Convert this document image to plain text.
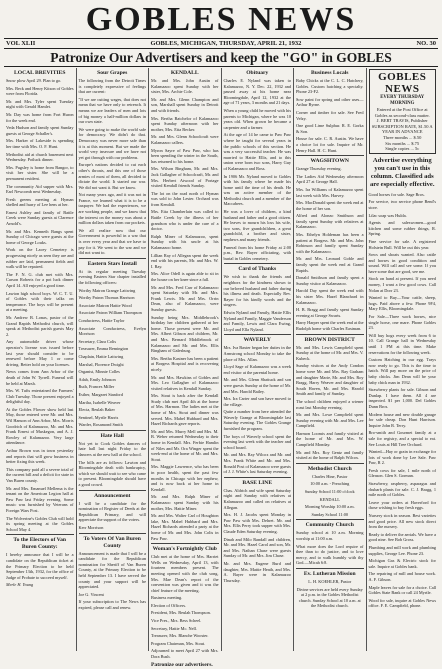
GOBLES NEWS
VOL XLII	GOBLES, MICHIGAN, THURSDAY, APRIL 21, 1932	NO. 30
Patronize Our Advertisers and keep the "GO" in GOBLES
LOCAL BREVITIES

Snow plow April 29. Plan to go.

Mrs. Beck and Henry Kitson of Gobles were from Florida.

Mr. and Mrs. Tyler spent Tuesday night with Gerald Hamlet.

Mr. Day was home from Fort Huron for the week end.

Veda Hudson and family spent Sunday guests at George Schaller's.

Mrs. Harker of Lakeside is spending her time with Mrs. O. F. Hunt.

Methodist aid at church basement next Wednesday. Potluck dinner.

Mrs. Pugsley is home from Bangor, to visit her sister. She will be a permanent resident.

The community Aid supper with Mrs. Earl Newcomb next Wednesday.

Fresh greens meeting at Hyman shelled and hurry of Lee hens at her.

Ernest Ashley and family of Battle Creek were Sunday guests at Clarence Arnold's.

Mr. and Mrs. Kenneth Bangs spent Sunday of Chicago were guests at the home of George Louks.

Work on the Lacey Cemetery is progressing nicely as seen they are and rubber are laid, permanent fields and walk will be repaired.

The F. N. G. club met with Mrs. Carson Roberts for a pot luck dinner April 14. All enjoyed a good time.

Lawton high school boys. W. C. T. U. of Gobles with their talks on temperance. The boys will be present at a meeting.

Mr. Andrew B. Lonas, pastor of the Grand Rapids Methodist church, will speak at Methodist parish guests May 2.

Any automobile driver whose operator's license was issued before last year should consider to be renewed before May 1 or come driving. Better hold on your licenses.

News comes from Ann Arbor of the death of John W. Tyrrell. Funeral will be held at Marsh.

Mrs. W. Tufts entertained the Farmers' Club Tuesday. Those present enjoyed a delightful day.

At the Gobles Flower show held last May, those entered were Mr. and Mrs. Wil Hanson of Ann Arbor, Mrs. Morris Goodrich of Kalamazoo, Mr. and Mrs. Frank Ernest of Muskegon, and A. J. Rowley of Kalamazoo. Very large attendance.

Arthur Brown was in town yesterday and reports that will grow business in better fixing this week.

This company paid all a severe total of the current bill and a deficit for state in Van Buren county.

Mr. and Mrs. Emanuel Mellema is the tenant on the American Legion hall at Paw Paw last Friday evening. Some music was furnished by Veterans of Foreign Wars Post.

The Wolverine's Gobles Club will hold its spring meeting at the Gobles School May 4.

To the Electors of Van Buren County:

I hereby announce that I will be a candidate on the Republican ticket at the Primary Election to be held September 13th, 1932, for the office of Judge of Probate to succeed myself.

Merle H. Young

Sour Grapes

The following from the Detroit Times is completely expressive of feelings that are current:

"If we are cutting wages, that does not mean that we have only to retrench. It means we are leaders of men and lots of big money a half-million dollars in our own state.

We were going to make the world safe for democracy. We didn't do that. Democracy was never more safe than it is at this moment. But we made the world very insecure and we have not yet got through with our problems.

Europe's nations decided to cut each other's throats, and this one of those armies of most of them, all decided to dictate the world. It started our war. We did not want it. But we know.

Not many years ago, and it was not in France, we learned what it is to be a taxpayer. We had the experiences, we are working people, and we know that the interest on the money was about a million dollars taken from our pockets.

We all realize now that our Government is powerful in a war that is over every year and that we have to pay for it. We went to the war and we did not want to.

Eastern Stars Install

At its regular meeting Tuesday evening Eastern Star chapter installed the following officers:

Worthy Matron Grange Lattwing

Worthy Patron Thomas Harrison

Associate Matron Hattie Wood

Associate Patron William Thompson

Conductress, Hattie Taylor

Associate Conductress, Evelyn Morrison

Secretary, Clara Colis

Treasurer, Emma Remington

Chaplain, Hattie Lattwing

Marshal, Florence Dwight

Organist, Minnie Colles

Adah, Emily Johnson

Ruth, Frances Miller

Esther, Margaret Stanford

Martha, Isabelle Weaver

Electa, Beulah Baker

Sentinel, Myrtle Harris

Warder, Rosamond Smith

Hate Hall

Not yet to Cook Gobles dancers of hate hall last night Friday to the dancers at the new hall at the school.

The bills are as follows: Lawton and Bloomingdale dealt with bankruptcy, which we should wait to see who came to present. Bloomingdale should have a good crowd.

Announcement

I will be a candidate for the nomination of Register of Deeds at the Republican Primary, and will appreciate the support of the voters.

Kerr Morrison

To Voters Of Van Buren County

Announcement is made that I will be a candidate for the Republican nomination for Sheriff of Van Buren County, at the Primary Election to be held September 13. I have served the county and your support will be appreciated.

Joe G. Vincent

If your subscription to The News has expired, please call and renew.

KENDALL

Mr. and Mrs. John Austin of Kalamazoo spent Sunday with her sister, Mrs. Archie Cole.

Mr. and Mrs. Glenn Champion and son, Marshall spent Sunday in Detroit and with friends.

Mrs. Bertha Batchelor of Kalamazoo spent Sunday afternoon with her mother, Mrs. Etta Becker.

Mr. and Mrs. Glenn Schoolcraft were Kalamazoo callers.

Myron Sayre of Paw Paw, who has been spending the winter in the South, has returned to his home.

Mrs. Wilson Bingham, Mr. and Mrs. Jack Gallagher of Schoolcraft, Mr. and Mrs. Herbert Atwood of Portage visited Kendall friends Sunday.

The lot on the road north of Hyman was sold to John Lester. Orchard was from Kendall.

Mrs. Etta Chamberlain was called to Battle Creek by the illness of her grandson who is under the care of a doctor.

Ralph Miner of Kalamazoo, spent Sunday with his uncle at his Kalamazoo home.

Lillian Ray of Allegan spent the week end with his parents, Mr. and Mrs. W. I. Ray.

Mrs. Alice Odell is again able to sit in the house on her knee since a fall.

Mr. and Mrs. Fred Carr of Kalamazoo spent Saturday with Mr. and Mrs. Frank Lewis. Mr. and Mrs. Orrin Dean, also of Kalamazoo, were Sunday guests.

Sunday being Mrs. Middlebrook's birthday her children gathered at her home. Those present were Mr. and Mrs. Albert Gibson and children, Mr. and Mrs. Bernard Middlebrook of Kalamazoo and Mr. and Mrs. Ellis Bingham of Galesburg.

Mrs. Bertha Kastner has been a patient at Borgess Hospital and is recovering nicely.

Mr. and Mrs. Hawkins of Gobles and Mrs. Leo Gallagher of Kalamazoo visited relatives in Kendall Sunday.

Mrs. Stout is back after the Kendall Study club met April 4th at the home of Mrs. Harmon. The ladies met at the home of Mrs. Stout and dinner was served. Mrs. Mabel Hubbard and Mrs. Hazel Richards gave reports.

Mr. and Mrs. Murry Mell and Mrs. M. B. Weber returned Wednesday to their home in Kendall. Mrs. Ferbie Hamlin of Niles and Mr. Ora Winger spent the week-end at the home of Mr. and Mrs. Stout.

Mrs. Maggie Lawrence, who has been in poor health, spent the past few months in Chicago with her nephew, and is now back at her home in Kendall.

Mr. and Mrs. Ralph Miner of Kalamazoo spent Sunday with his mother, Mrs. Hattie Miner.

Mr. and Mrs. Walter Carl of Houghton lake, Mrs. Mabel Hubbard and Mrs. Hazel Richards attended a party at the home of Mr. and Mrs. John Colis in Paw Paw.

Woman's Fortnightly Club

Club met at the home of Mrs. Harriet Wells on Wednesday, April 13, with fourteen members present. The meeting opened with the club song, Mrs. Mae Dean's report of the convention was given and it was the chief feature of the meeting.

Business meeting.

Election of Officers.

President, Mrs. Beulah Thompson.

Vice Pres., Mrs. Bess Scheel.

Secretary, Hattie Mc. Nell.

Treasurer, Mrs. Blanche Wooster.

Program Chairman, Mrs. Stout.

Adjourned to meet April 27 with Mrs. Dora Bush.

Patronize our advertisers.

Obituary

Charles E. Nyland was taken to Kalamazoo, N. Y. Dec. 22, 1932 and passed away at his home near Bloomingdale, April 12, 1932 at the age of 71 years, 3 months and 21 days.

When a young child he moved with his parents to Michigan, where he was 10 years old. When grown he became a carpenter and a farmer.

At the age of 14 he came to Paw Paw where he taught for several years in the public schools of this section. He was a very successful teacher. He was married to Hattie Ellis, and to this union were born two sons, Harry Guy of Kalamazoo and Ross.

In 1906 Mr. Nyland moved to Gobles with his family where he made his home until the time of his death. He was an active member of the Methodist church and a member of the Maccabees.

He was a lover of children, a kind husband and father and a good citizen. He leaves to mourn his loss his wife, two sons, five grandchildren, a great grandchild, a brother and sister, nephews and many friends.

Funeral from his home Friday at 2:00 p.m., Rev. Rayer officiating, with burial in Gobles cemetery.

Card of Thanks

We wish to thank the friends and neighbors for the kindness shown to our beloved husband and father during his illness and death. Especially Rev. Rayer for his kindly words and the singers.

Edwin Nyland and Family, Hattie Ellis Nyland and Family, Maggie Vanderson and Family, Lewis and Clara Ewing, Lloyd and Ella Nyland.

WAVERLY

Mrs. Iva Baxter began her duties in the Armstrong school Monday to take the place of Mrs. Allan.

Lloyd Sage of Kalamazoo was a week end visitor at the parental home.

Mr. and Mrs. Glenn Shattuck and son were guests Sunday at the home of Mr. and Mrs. Harold Bailey.

Mrs. Ira Carter and son have moved to the village.

Quite a number from here attended the Waverly Grange at Bloomingdale last Saturday evening. The Gobles Grange furnished the program.

The boys of Waverly school spent the evening last week with the teacher and school board.

Mr. and Mrs. Ray Wilcox and Mr. and Mrs. Frank White and Mr. and Mrs. Ronald Post of Kalamazoo were guests of J. J. White's last Saturday evening.

BASE LINE

Chas. Aldrich and wife spent Saturday night and Sunday with relatives at Kalamazoo and called on relatives at Allegan.

Mrs. H. J. Jacobs spent Monday in Paw Paw with Mrs. Dehret. Mr. and Mrs. Ellis Perry took supper with Mrs. Claude Eden Saturday evening.

Dinah and Milo Randall and children, Mr. and Mrs. Hazel Carol and son, Mr. and Mrs. Nathan Chase were guests Sunday of Mr. and Mrs. Jim Chase.

Mr. and Mrs. Eugene Burd and daughter, Mrs. Mattie Heath, and Mrs. A. Bayer were in Kalamazoo Thursday.

Business Locals

Baby Chicks at the C. L. C. Hatchery, Gobles. Custom hatching a specialty. Phone 23-F2.

Sow paint for spring and other uses—Arthur Byrne.

Corner and timber for sale. See Fred Velzy.

One good Lime Sulphur. R. E. Gorka & Son.

House for sale. C. R. Austin. We have a choice lot for sale. Inquire of Mr. Henry Hall. H. C. Hunt.

WAGSHTOWN

Grange Thursday evening.

The Ladies Aid Wednesday afternoon April 27 at George Hall.

Mrs. Ira Williams of Kalamazoo spent last week with Mrs. Harvey.

Mrs. MacDonald spent the week end at the home of her son.

Alfred and Alonzo Smithson and family spent Sunday with relatives at Kalamazoo.

Mrs. Ethelyn Holdeman has been a patient at Borgess. Mr. and Mrs. John Robinson and family spent Sunday with the Kalamazoo.

Mr. and Mrs. Leonard Goble and family spent the week end at Grand Rapids.

Donald Smithson and family spent a Sunday visitor at Kalamazoo.

Harold Day spent the week end with his sister Mrs. Hazel Blanchard in Kalamazoo.

H. B. Bragg and family spent Sunday evening at George Swarts.

Harry Harper spent the week end at the Rudolph home with Charles Eastman.

BROWN DISTRICT

Mr. and Mrs. Lewis Campfield spent Sunday at the home of Mr. and Mrs. V. Kubeck.

Sunday visitors at the Andy Condon home were Mr. and Mrs. Ray Graham and daughter Marie, Mr. and Mrs. Roy Bragg, Harry Weaver and daughter of South Haven, Mr. and Mrs. Harold Smith and family of Sunday.

The school children enjoyed a wiener roast last Monday evening.

Mr. and Mrs. Lowe Campfield spent Sunday evening with Mr. and Mrs. Lee Campfield.

Harmon Loomis and family visited at the home of Mr. and Mrs. W. Campfield Monday.

Mr. and Mrs. Roy Gentz and family visited at the home of Ralph Wilcox.

Methodist Church
Charles Hine, Pastor
10:00 a.m. - Preaching
Sunday School 11:00 o'clock
KENDALL
Morning Worship 10:00 a.m.
Sunday School 11:00
Community Church

Sunday school at 10 a.m. Morning worship at 11:00 a.m.

What more does the Lord require of thee than to do justice, and to love mercy, and to walk humbly with thy God.—Micah 6:8.

Ev. Lutheran Mission
L. H. KOEHLER, Pastor
Divine services are held every Sunday at 2 p.m. in the Gobles Methodist church. Sunday School at 10 a.m. at the Methodist church.
GOBLES NEWS
EVERY THURSDAY MORNING
Entered at the Post Office at Gobles as second-class matter.
J. BERT TRAVIS, Publisher
SUBSCRIPTION RATE, $1.50 A YEAR IN ADVANCE
Three months ... $.50
Six months ... $.75
Single copies ... 5c
Advertise everything you can't use in this column. Classified ads are especially effective.

Good horses for sale. Sage Bros.

For service, two service phone Bend's store.

Lilac soap was Hulda.

Agents and saleswomen—good kitchen and some rubber things, R. Spring.

Fine service for sale. A registered Holstein Bull. Will be out this year.

Sows and shoats wanted. Also cattle and horses in good condition and sound. Will call and see some. If you have some that are good, see me.

Stock on hand at present. If you need money, I want a few good cows. Call Nolan at Dorr 23.

Wanted to Buy—Your cattle, sheep, hogs. Paid above a few. Phone 9F4, Mary Ellis, Bloomingdale.

For Sale—Three work horses, nice single horse, one mare. Phone Gobles 23.

Will buy hogs every week from 6 to 10. Call Grange hall in Wednesday until 1 PM at this time. Make reservations for the following week.

Custom Hatching in our egg. Trays now ready to go. This is the time to hatch. Will pay more on the price of baby chicks. Jim Dean will be your baby chick man in 1932.

Strawberry plants for sale. Gibson and Dunlap. I have them. All 4 are inspected. $1 per 1,000. Del Gobles Dunn Bros.

Modern house and new double garage for sale cheap. Don Hunt Harrison. Inquire John R. Terry.

Bro-smith and Gourmet family at a sale for registry, and a special to eat. See Louis at Hill Tree Orchard.

Wanted—Hay or grain in exchange for lots of work done by Lee Sale. Paw Paw, R 2.

Fresh cows for sale, 1 mile north of Gleason. Glen S. Gorman.

Strawberry, raspberry, asparagus and rhubarb plants for sale. C. J. Bragg, 1 mile north of Gobles.

Leave your orders at Haverford for those wishing to buy fresh eggs.

Nursery stock in season. Best varieties and good price. All new stock direct from the nursery.

Ready to deliver the aerials. We have a good nine. See Bob Gross.

Plumbing and mill work and plumbing supplies, George Lee. Phone 23.

Michigan Gas & Electric stock for sale. Inquire at Gobles bank.

The repairing of mill and house work. A. F. Gibson.

Maple leaves for sale for a choice. Call Gobles State Bank or call 24 Myrtle.

Wood for sale, inquire at Gobles News office. F. E. Campfield, phone.
